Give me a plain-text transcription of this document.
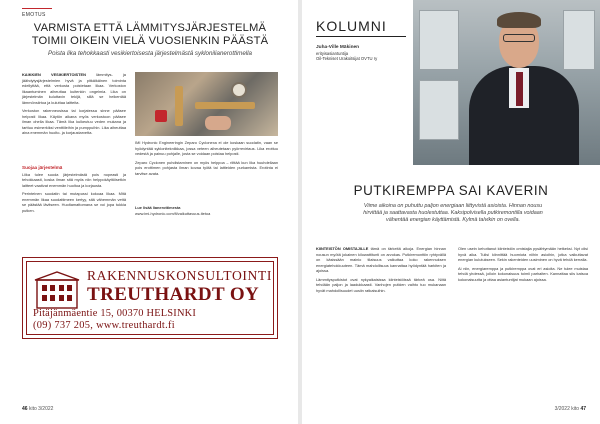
EMOTUS
VARMISTA ETTÄ LÄMMITYSJÄRJESTELMÄ TOIMII OIKEIN VIELÄ VUOSIENKIN PÄÄSTÄ
Poista lika tehokkaasti vesikiertoisesta järjestelmästä syklonilianerottimella
KAIKKIEN VESIKIERTOISTEN	lämmitys- ja jäähdytysjärjestelmien hyvä ja pitkäikäinen toiminta edellyttää, että verkosta poistetaan likaa. Verkoston likaantuminen aiheuttaa kuitenkin ongelmia. Lika on järjestelmän kuluttavin tekijä, sillä se heikentää lämmönsiirtoa ja kuluttaa laitteita.

Verkoston rakenneosissa tai korjatessa sinne pääsee helposti likaa. Käytön aikana myös verkostoon pääsee ilman ohella likaa. Tämä lika kulkeutuu veden mukana ja tarttuu esimerkiksi venttiileihin ja pumppuihin. Lika aiheuttaa aina enemmän huolto- ja korjaustarvetta.

Suojaa järjestelmä

Liika tulee suoda järjestelmästä pois nopeasti ja tehokkaasti, koska ilman sitä myös niin helppokäyttöisetkin laitteet vaativat enemmän huoltoa ja korjausta.

Perinteinen suodatin tai mutapussi kokoaa likaa. Mitä enemmän likaa suodattimeen kertyy, sitä vähemmän vettä se päästää lävitseen. Huoltamattomana se voi jopa tukkia putken.

IMI Hydronic Engineeringin Zeparo Cyclonexa ei ole koskaan suodatin, vaan se hyödyntää syklonitekniikkaa, jossa veteen aiheutetaan pyörrevirtaus. Lika erottuu vedestä ja painuu pohjalle, josta se voidaan poistaa helposti.

Zeparo Cyclonen puhdistaminen on myös helppoa – riittää kun lika huuhdellaan pois erottimen pohjasta ilman kovaa työtä tai laitteiden purkamista. Erotinta ei tarvitse avata.

Lue lisää lianerottimesta
www.imi-hydronic.com/fi/vaikuttavuus-tietoa
RAKENNUSKONSULTOINTI
TREUTHARDT OY
Pitäjänmäentie 15, 00370 HELSINKI
(09) 737 205, www.treuthardt.fi
46 kito 3/2022
KOLUMNI
Juha-Ville Mäkinen
erityisasiantuntija
Oil-Tekniset Urakoitsijat OVTU ry
PUTKIREMPPA SAI KAVERIN
Viime aikoina on puhuttu paljon energiaan liittyvistä asioista. Hinnan nousu hirvittää ja saattavasta huolestuttaa. Kaksipolvisella putkiremontilla voidaan vähentää energian käyttämistä. Kylmä talvikin on ovella.
KIINTEISTÖN OMISTAJILLE tämä on tärkeitä aikoja. Energian hinnan nousun myötä jokainen kilowattitunti on arvokas. Putkiremonttiin ryhtyvällä on käsissään mainio tilaisuus vaikuttaa koko rakennuksen energiatehokkuuteen. Tämä mahdollisuus kannattaa hyödyntää harkiten ja ajoissa.

Lämmitysputkistot ovat nykyaikaisissa kiinteistöissä tärkeä osa. Niitä tehdään paljon ja laadukkaasti. Vanhojen putkien vaihto tuo mukanaan hyvät mahdollisuudet uusiin ratkaisuihin.

Olen usein kehottanut kiinteistön omistajia pysähtymään hetkeksi. Nyt olisi hyvä aika. Tulisi kiinnittää huomiota niihin asioihin, jotka vaikuttavat energian kulutukseen. Sekin rakenteiden uusiminen on hyvä tehdä kerralla.

Ai niin, energiaremppa ja putkiremppa ovat eri asioita. Ne tulee muistaa tehdä yhdessä, jolloin kokonaisuus toimii parhaiten. Kannattaa siis katsoa kokonaisuutta ja ottaa asiantuntijat mukaan ajoissa.

3/2022 kito 47
